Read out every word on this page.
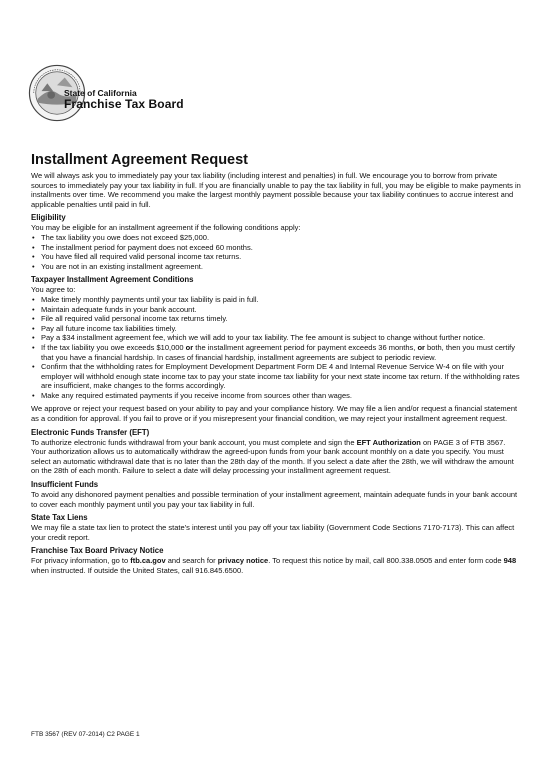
State of California
Franchise Tax Board
Installment Agreement Request

We will always ask you to immediately pay your tax liability (including interest and penalties) in full. We encourage you to borrow from private sources to immediately pay your tax liability in full. If you are financially unable to pay the tax liability in full, you may be eligible to make payments in installments over time. We recommend you make the largest monthly payment possible because your tax liability continues to accrue interest and applicable penalties until paid in full.

Eligibility

You may be eligible for an installment agreement if the following conditions apply:

• The tax liability you owe does not exceed $25,000.
• The installment period for payment does not exceed 60 months.
• You have filed all required valid personal income tax returns.
• You are not in an existing installment agreement.
Taxpayer Installment Agreement Conditions

You agree to:

• Make timely monthly payments until your tax liability is paid in full.
• Maintain adequate funds in your bank account.
• File all required valid personal income tax returns timely.
• Pay all future income tax liabilities timely.
• Pay a $34 installment agreement fee, which we will add to your tax liability. The fee amount is subject to change without further notice.
• If the tax liability you owe exceeds $10,000 or the installment agreement period for payment exceeds 36 months, or both, then you must certify that you have a financial hardship. In cases of financial hardship, installment agreements are subject to periodic review.
• Confirm that the withholding rates for Employment Development Department Form DE 4 and Internal Revenue Service W-4 on file with your employer will withhold enough state income tax to pay your state income tax liability for your next state income tax return. If the withholding rates are insufficient, make changes to the forms accordingly.
• Make any required estimated payments if you receive income from sources other than wages.

We approve or reject your request based on your ability to pay and your compliance history. We may file a lien and/or request a financial statement as a condition for approval. If you fail to prove or if you misrepresent your financial condition, we may reject your installment agreement request.

Electronic Funds Transfer (EFT)

To authorize electronic funds withdrawal from your bank account, you must complete and sign the EFT Authorization on PAGE 3 of FTB 3567. Your authorization allows us to automatically withdraw the agreed-upon funds from your bank account monthly on a date you specify. You must select an automatic withdrawal date that is no later than the 28th day of the month. If you select a date after the 28th, we will withdraw the amount on the 28th of each month. Failure to select a date will delay processing your installment agreement request.

Insufficient Funds

To avoid any dishonored payment penalties and possible termination of your installment agreement, maintain adequate funds in your bank account to cover each monthly payment until you pay your tax liability in full.

State Tax Liens

We may file a state tax lien to protect the state's interest until you pay off your tax liability (Government Code Sections 7170-7173). This can affect your credit report.

Franchise Tax Board Privacy Notice

For privacy information, go to ftb.ca.gov and search for privacy notice. To request this notice by mail, call 800.338.0505 and enter form code 948 when instructed. If outside the United States, call 916.845.6500.

FTB 3567 (REV 07-2014) C2 PAGE 1
